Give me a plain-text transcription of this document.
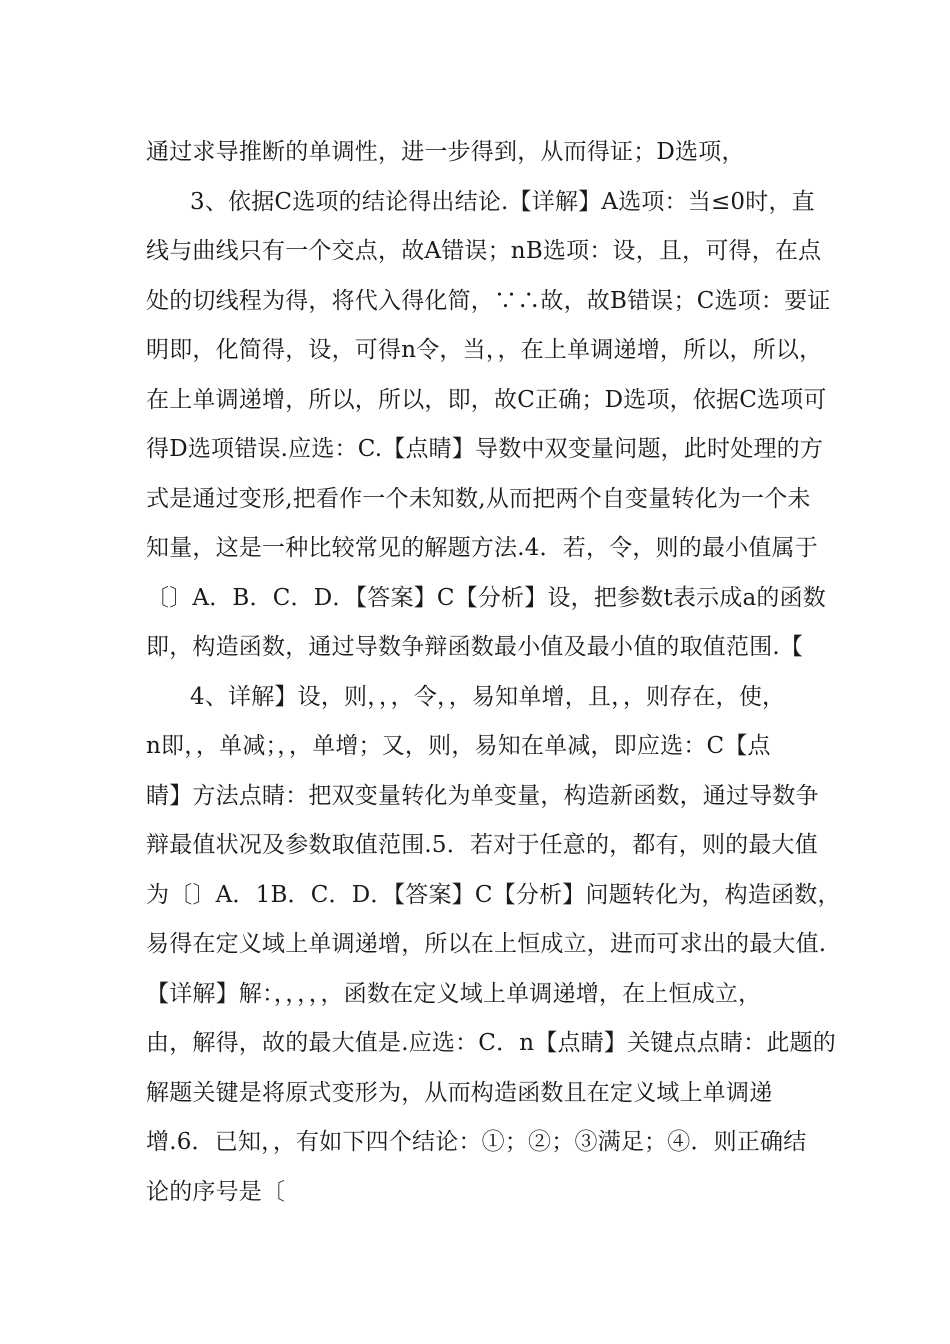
通过求导推断的单调性，进一步得到，从而得证；D选项，
3、依据C选项的结论得出结论.【详解】A选项：当≤0时，直
线与曲线只有一个交点，故A错误；nB选项：设，且，可得，在点
处的切线程为得，将代入得化简，∵∴故，故B错误；C选项：要证
明即，化简得，设，可得n令，当，，在上单调递增，所以，所以，
在上单调递增，所以，所以，即，故C正确；D选项，依据C选项可
得D选项错误.应选：C.【点睛】导数中双变量问题，此时处理的方
式是通过变形,把看作一个未知数,从而把两个自变量转化为一个未
知量，这是一种比较常见的解题方法.4．若，令，则的最小值属于
〔〕A．B．C．D．【答案】C【分析】设，把参数t表示成a的函数
即，构造函数，通过导数争辩函数最小值及最小值的取值范围.【
4、详解】设，则，，，令，，易知单增，且，，则存在，使，
n即，，单减；，，单增；又，则，易知在单减，即应选：C【点
睛】方法点睛：把双变量转化为单变量，构造新函数，通过导数争
辩最值状况及参数取值范围.5．若对于任意的，都有，则的最大值
为〔〕A．1B．C．D．【答案】C【分析】问题转化为，构造函数，
易得在定义域上单调递增，所以在上恒成立，进而可求出的最大值.
【详解】解：，，，，，函数在定义域上单调递增，在上恒成立，
由，解得，故的最大值是.应选：C．n【点睛】关键点点睛：此题的
解题关键是将原式变形为，从而构造函数且在定义域上单调递
增.6．已知，，有如下四个结论：①；②；③满足；④．则正确结
论的序号是〔
